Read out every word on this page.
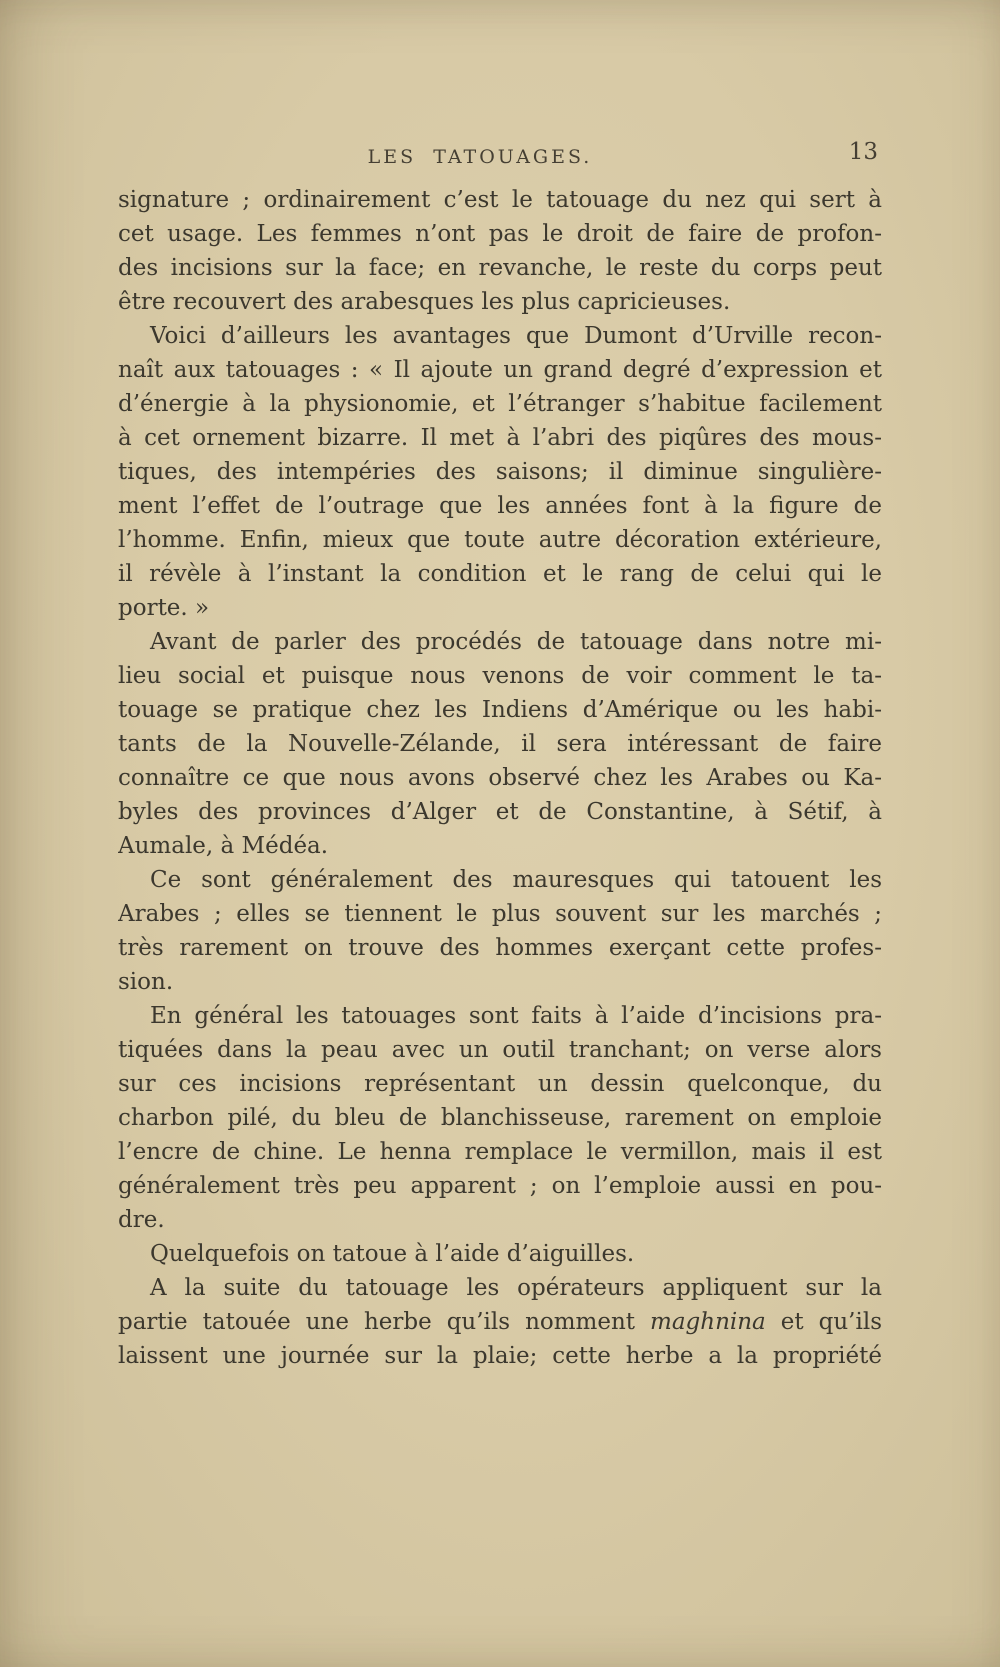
LES TATOUAGES.	13
signature ; ordinairement c’est le tatouage du nez qui sert à
cet usage. Les femmes n’ont pas le droit de faire de profon-
des incisions sur la face; en revanche, le reste du corps peut
être recouvert des arabesques les plus capricieuses.
Voici d’ailleurs les avantages que Dumont d’Urville recon-
naît aux tatouages : « Il ajoute un grand degré d’expression et
d’énergie à la physionomie, et l’étranger s’habitue facilement
à cet ornement bizarre. Il met à l’abri des piqûres des mous-
tiques, des intempéries des saisons; il diminue singulière-
ment l’effet de l’outrage que les années font à la figure de
l’homme. Enfin, mieux que toute autre décoration extérieure,
il révèle à l’instant la condition et le rang de celui qui le
porte. »
Avant de parler des procédés de tatouage dans notre mi-
lieu social et puisque nous venons de voir comment le ta-
touage se pratique chez les Indiens d’Amérique ou les habi-
tants de la Nouvelle-Zélande, il sera intéressant de faire
connaître ce que nous avons observé chez les Arabes ou Ka-
byles des provinces d’Alger et de Constantine, à Sétif, à
Aumale, à Médéa.
Ce sont généralement des mauresques qui tatouent les
Arabes ; elles se tiennent le plus souvent sur les marchés ;
très rarement on trouve des hommes exerçant cette profes-
sion.
En général les tatouages sont faits à l’aide d’incisions pra-
tiquées dans la peau avec un outil tranchant; on verse alors
sur ces incisions représentant un dessin quelconque, du
charbon pilé, du bleu de blanchisseuse, rarement on emploie
l’encre de chine. Le henna remplace le vermillon, mais il est
généralement très peu apparent ; on l’emploie aussi en pou-
dre.
Quelquefois on tatoue à l’aide d’aiguilles.
A la suite du tatouage les opérateurs appliquent sur la
partie tatouée une herbe qu’ils nomment maghnina et qu’ils
laissent une journée sur la plaie; cette herbe a la propriété
